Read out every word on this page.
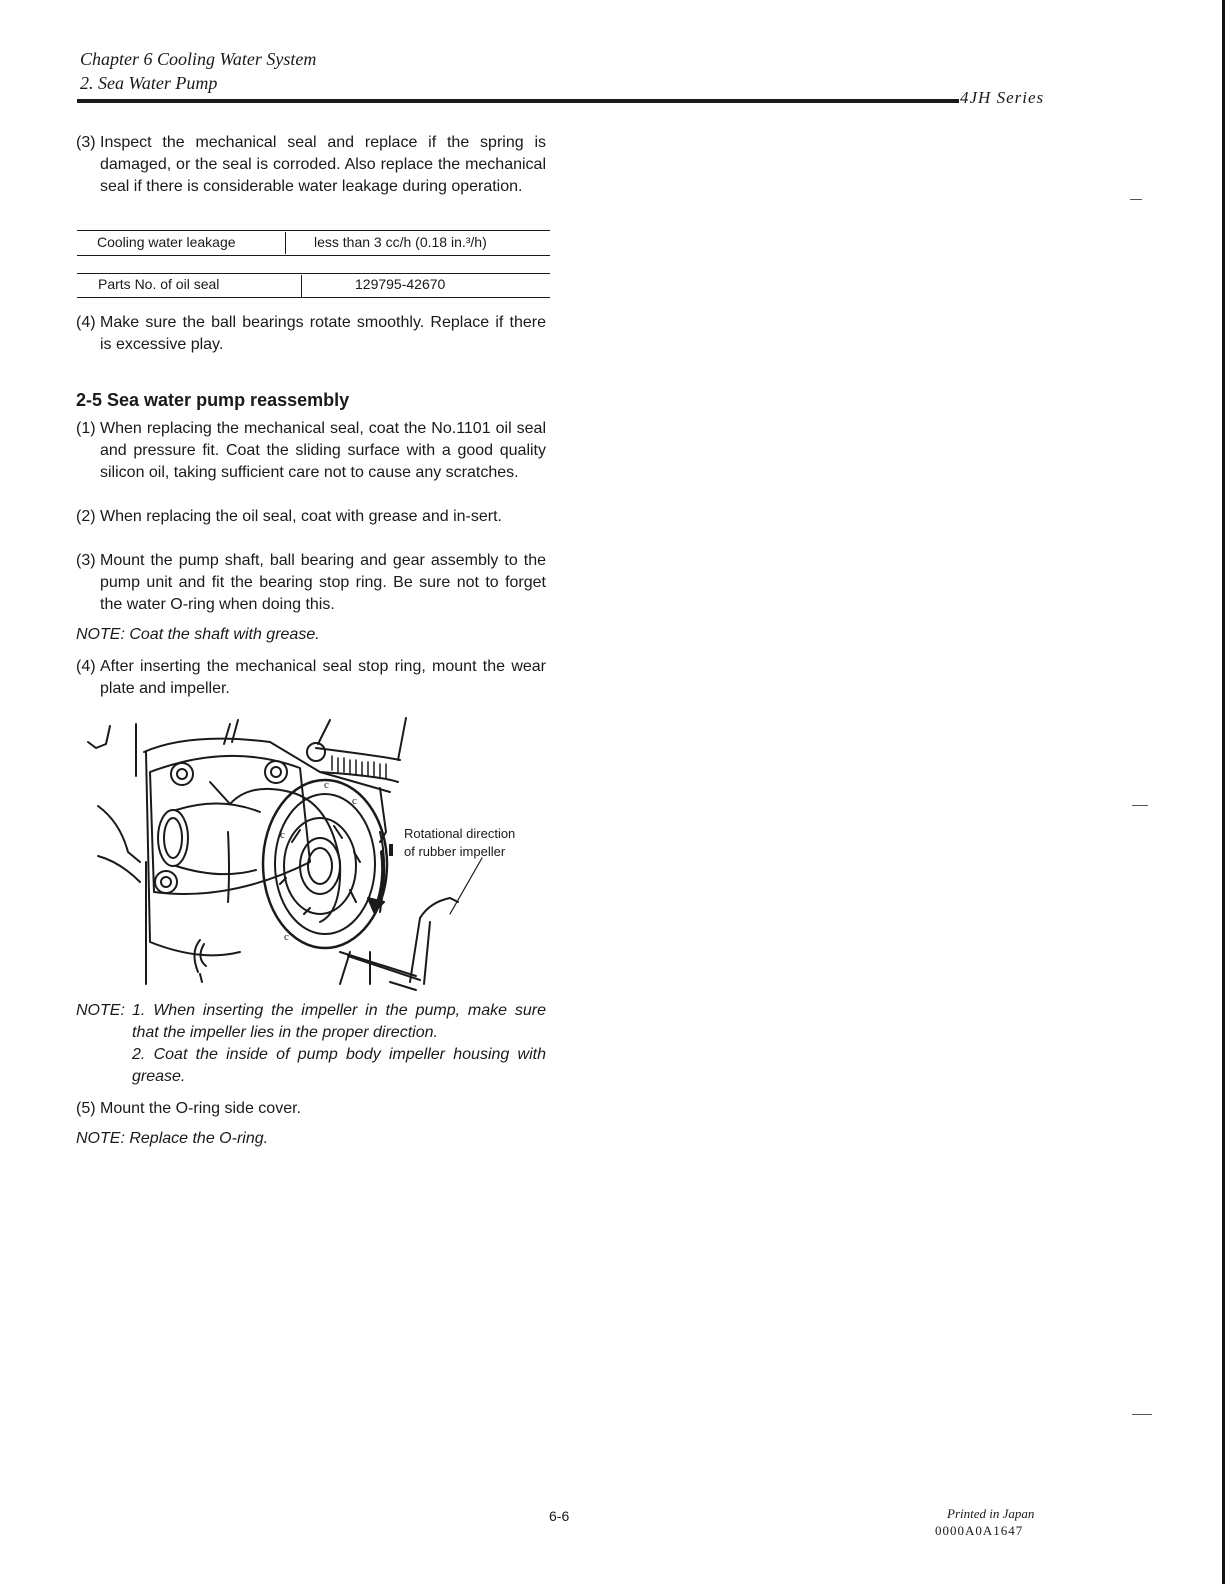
Chapter 6 Cooling Water System
2. Sea Water Pump
4JH Series
(3) Inspect the mechanical seal and replace if the spring is damaged, or the seal is corroded. Also replace the mechanical seal if there is considerable water leakage during operation.
Cooling water leakage	less than 3 cc/h (0.18 in.³/h)
Parts No. of oil seal	129795-42670
(4) Make sure the ball bearings rotate smoothly. Replace if there is excessive play.
2-5 Sea water pump reassembly
(1) When replacing the mechanical seal, coat the No.1101 oil seal and pressure fit. Coat the sliding surface with a good quality silicon oil, taking sufficient care not to cause any scratches.
(2) When replacing the oil seal, coat with grease and in-sert.
(3) Mount the pump shaft, ball bearing and gear assembly to the pump unit and fit the bearing stop ring. Be sure not to forget the water O-ring when doing this.
NOTE: Coat the shaft with grease.
(4) After inserting the mechanical seal stop ring, mount the wear plate and impeller.
c
c
c
c
Rotational direction
of rubber impeller
NOTE: 1. When inserting the impeller in the pump, make sure that the impeller lies in the proper direction.
2. Coat the inside of pump body impeller housing with grease.
(5) Mount the O-ring side cover.
NOTE: Replace the O-ring.
6-6	Printed in Japan
0000A0A1647
